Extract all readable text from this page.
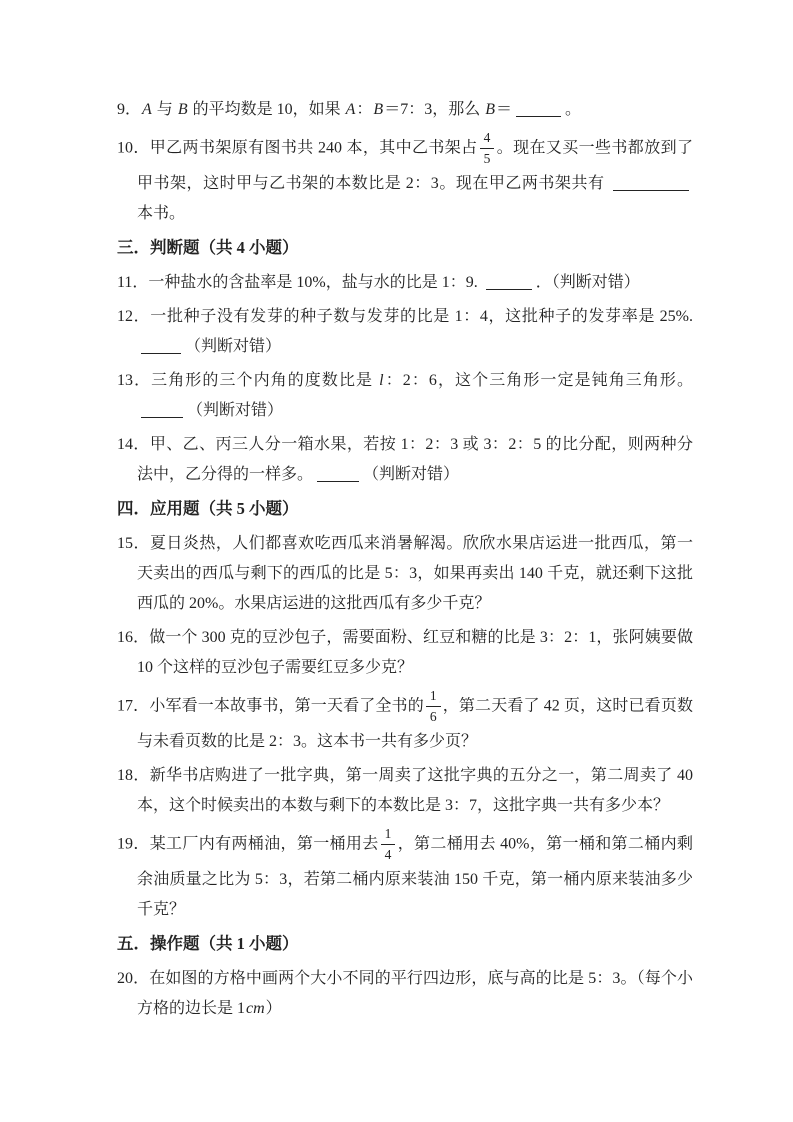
9．A 与 B 的平均数是 10，如果 A：B＝7：3，那么 B＝	。

10．甲乙两书架原有图书共 240 本，其中乙书架占 $\frac{4}{5}$ 。现在又买一些书都放到了甲书架，这时甲与乙书架的本数比是 2：3。现在甲乙两书架共有  本书。

三．判断题（共 4 小题）

11．一种盐水的含盐率是 10%，盐与水的比是 1：9.	．（判断对错）

12．一批种子没有发芽的种子数与发芽的比是 1：4，这批种子的发芽率是 25%. （判断对错）

13．三角形的三个内角的度数比是 l：2：6，这个三角形一定是钝角三角形。（判断对错）

14．甲、乙、丙三人分一箱水果，若按 1：2：3 或 3：2：5 的比分配，则两种分法中，乙分得的一样多。	（判断对错）

四．应用题（共 5 小题）

15．夏日炎热，人们都喜欢吃西瓜来消暑解渴。欣欣水果店运进一批西瓜，第一天卖出的西瓜与剩下的西瓜的比是 5：3，如果再卖出 140 千克，就还剩下这批西瓜的 20%。水果店运进的这批西瓜有多少千克？

16．做一个 300 克的豆沙包子，需要面粉、红豆和糖的比是 3：2：1，张阿姨要做 10 个这样的豆沙包子需要红豆多少克？

17．小军看一本故事书，第一天看了全书的 $\frac{1}{6}$ ，第二天看了 42 页，这时已看页数与未看页数的比是 2：3。这本书一共有多少页？

18．新华书店购进了一批字典，第一周卖了这批字典的五分之一，第二周卖了 40 本，这个时候卖出的本数与剩下的本数比是 3：7，这批字典一共有多少本？

19．某工厂内有两桶油，第一桶用去 $\frac{1}{4}$ ，第二桶用去 40%，第一桶和第二桶内剩余油质量之比为 5：3，若第二桶内原来装油 150 千克，第一桶内原来装油多少千克？

五．操作题（共 1 小题）

20．在如图的方格中画两个大小不同的平行四边形，底与高的比是 5：3。（每个小方格的边长是 1cm）
